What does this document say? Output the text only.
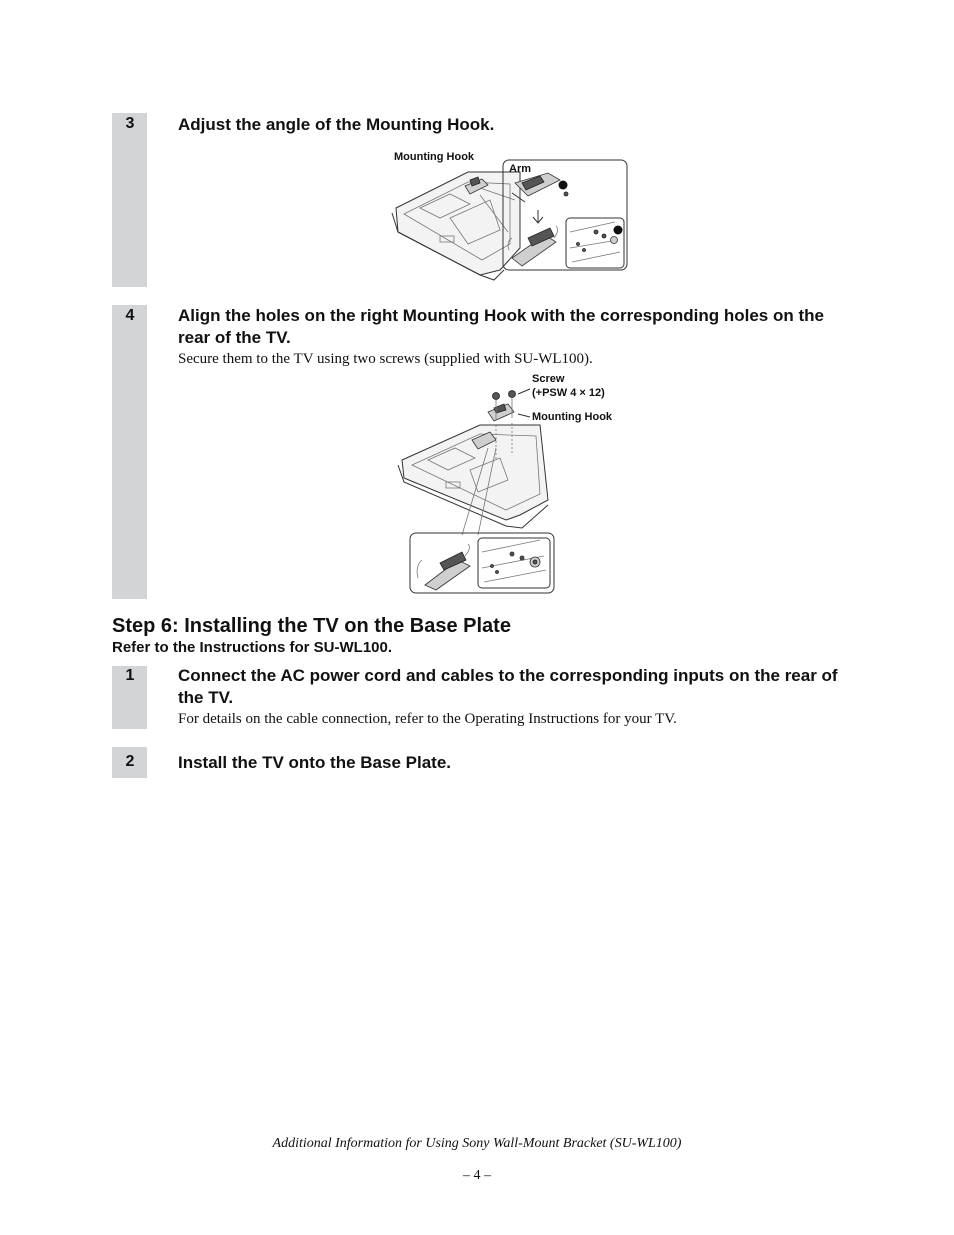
3	Adjust the angle of the Mounting Hook.
Mounting Hook
Arm
4	Align the holes on the right Mounting Hook with the corresponding holes on the rear of the TV.
Secure them to the TV using two screws (supplied with SU-WL100).
Screw
(+PSW 4 × 12)
Mounting Hook
Step 6: Installing the TV on the Base Plate
Refer to the Instructions for SU-WL100.
1	Connect the AC power cord and cables to the corresponding inputs on the rear of the TV.
For details on the cable connection, refer to the Operating Instructions for your TV.
2	Install the TV onto the Base Plate.
Additional Information for Using Sony Wall-Mount Bracket (SU-WL100)
– 4 –
